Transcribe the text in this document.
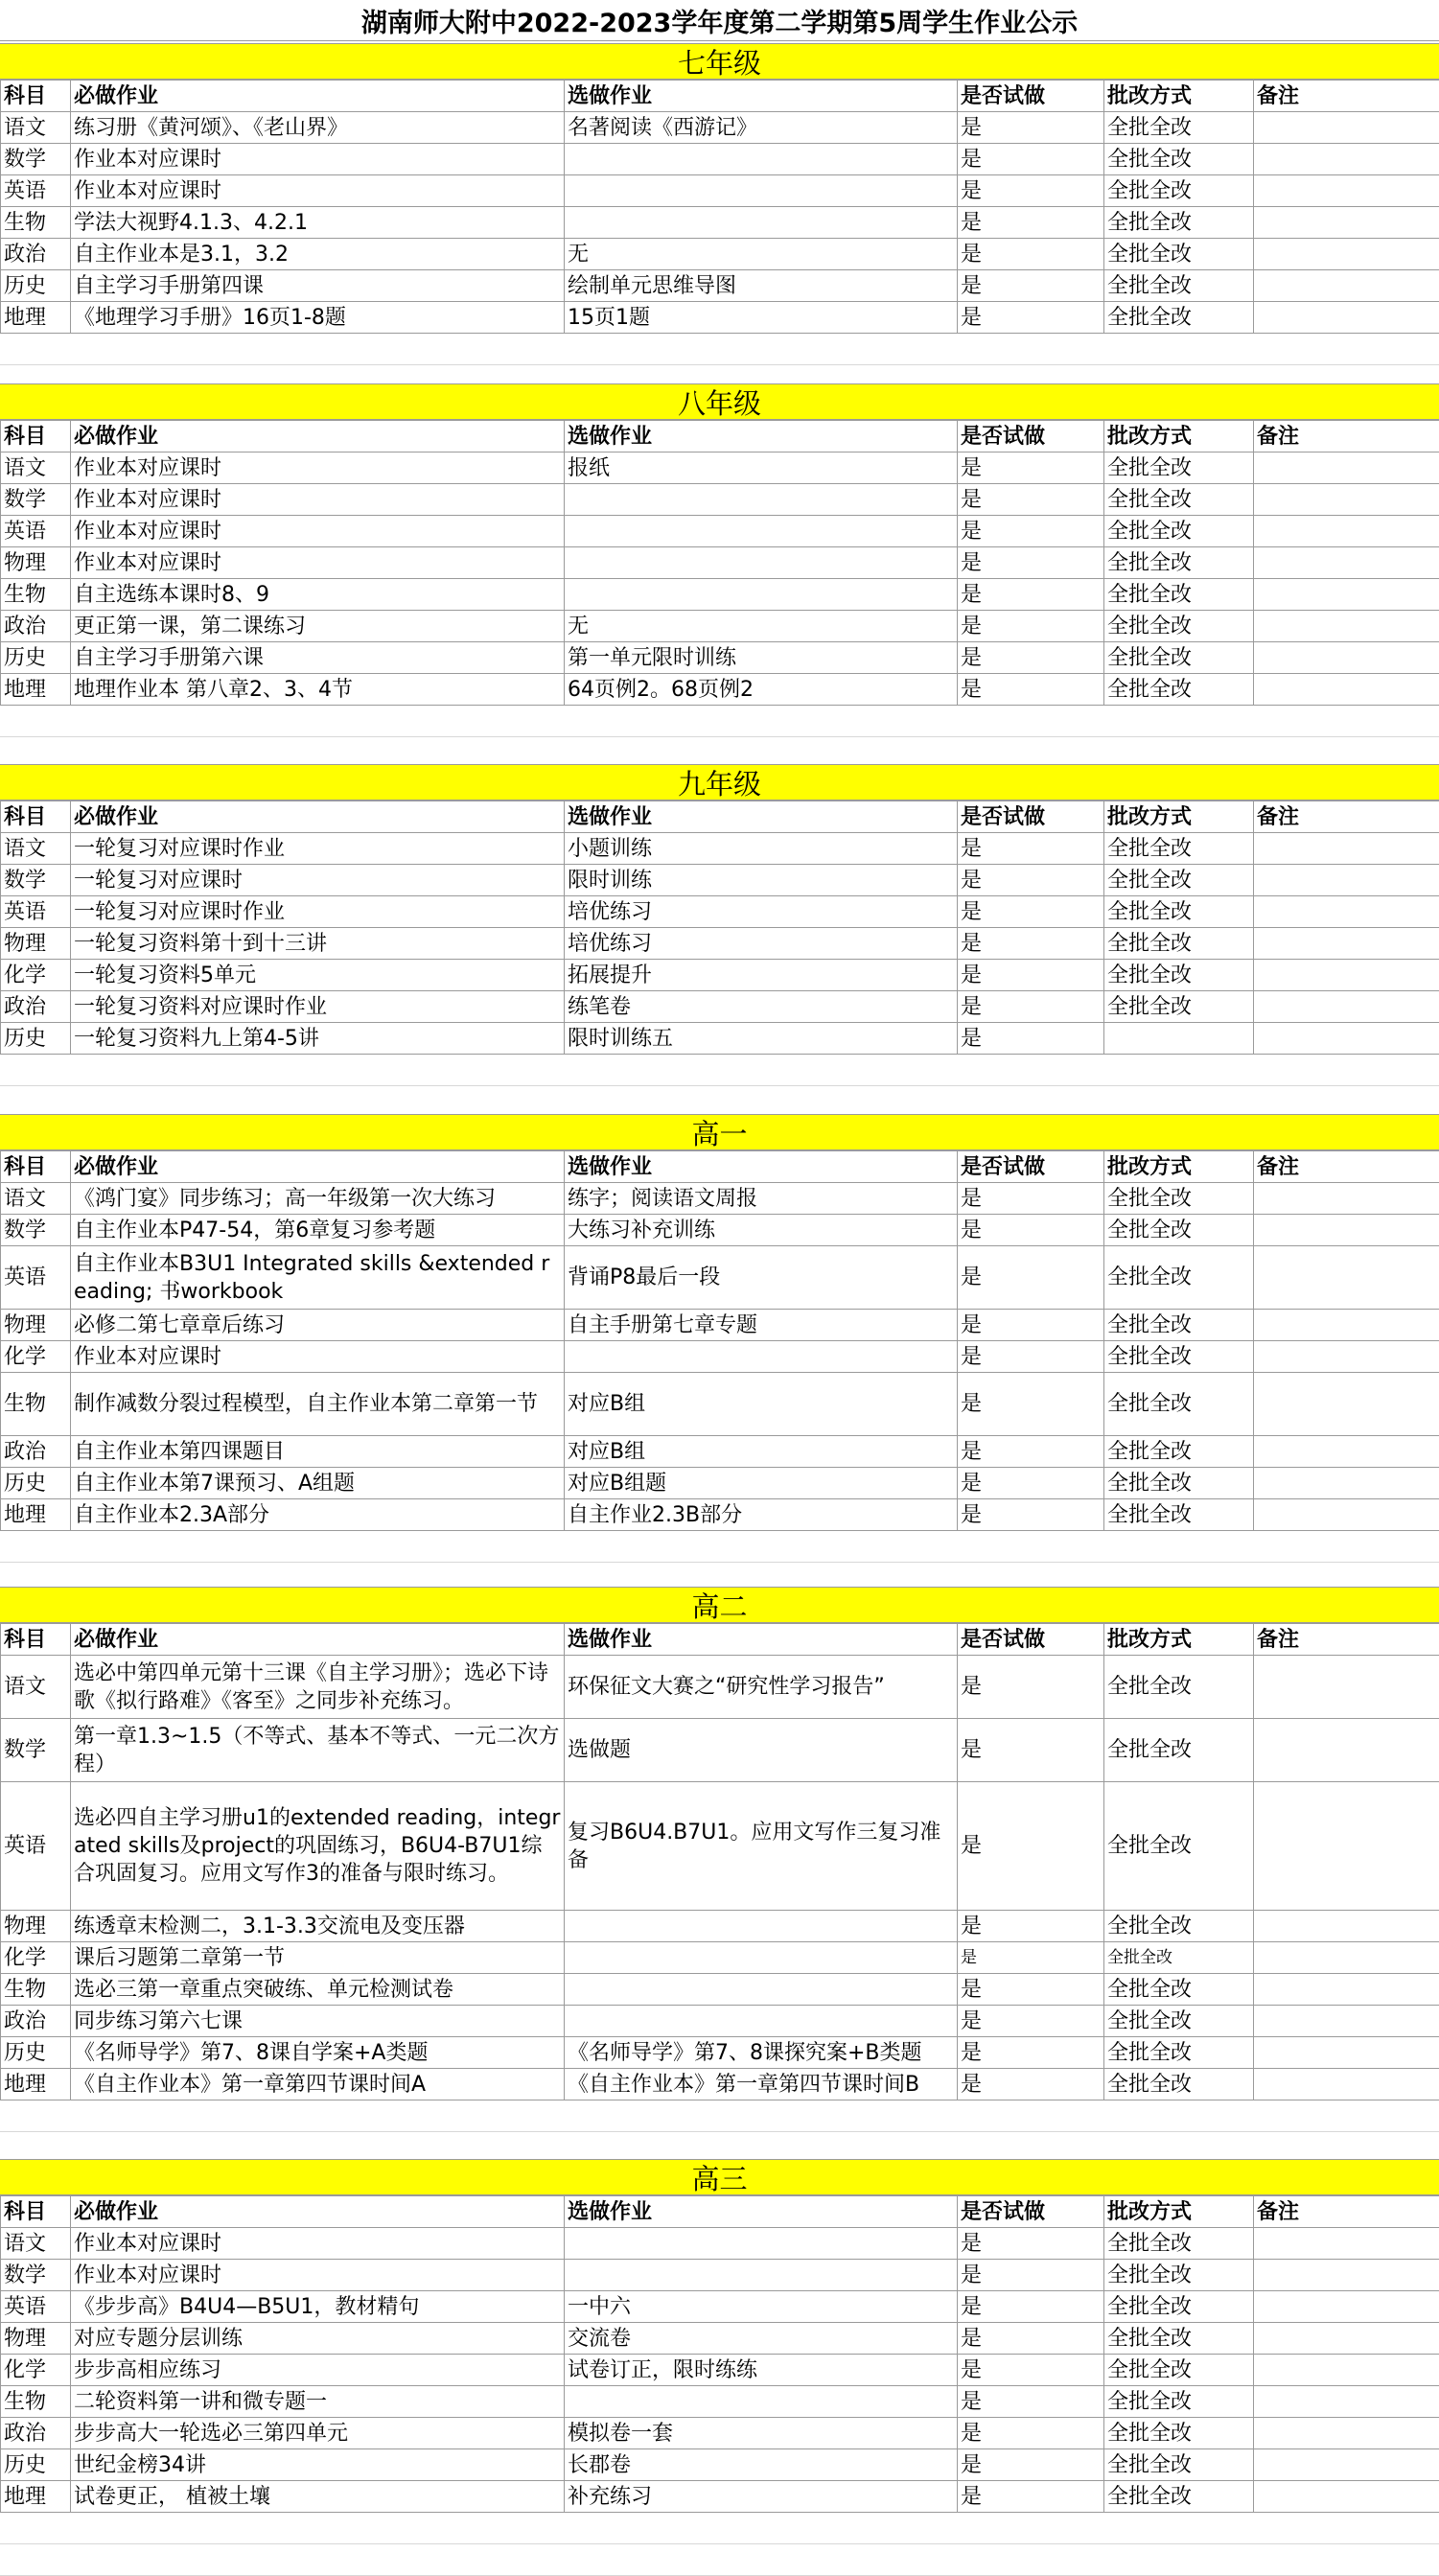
湖南师大附中2022-2023学年度第二学期第5周学生作业公示
七年级
科目	必做作业	选做作业	是否试做	批改方式	备注
语文	练习册《黄河颂》、《老山界》	名著阅读《西游记》	是	全批全改	
数学	作业本对应课时		是	全批全改	
英语	作业本对应课时		是	全批全改	
生物	学法大视野4.1.3、4.2.1		是	全批全改	
政治	自主作业本是3.1，3.2	无	是	全批全改	
历史	自主学习手册第四课	绘制单元思维导图	是	全批全改	
地理	《地理学习手册》16页1-8题	15页1题	是	全批全改	
八年级
科目	必做作业	选做作业	是否试做	批改方式	备注
语文	作业本对应课时	报纸	是	全批全改	
数学	作业本对应课时		是	全批全改	
英语	作业本对应课时		是	全批全改	
物理	作业本对应课时		是	全批全改	
生物	自主选练本课时8、9		是	全批全改	
政治	更正第一课，第二课练习	无	是	全批全改	
历史	自主学习手册第六课	第一单元限时训练	是	全批全改	
地理	地理作业本 第八章2、3、4节	64页例2。68页例2	是	全批全改	
九年级
科目	必做作业	选做作业	是否试做	批改方式	备注
语文	一轮复习对应课时作业	小题训练	是	全批全改	
数学	一轮复习对应课时	限时训练	是	全批全改	
英语	一轮复习对应课时作业	培优练习	是	全批全改	
物理	一轮复习资料第十到十三讲	培优练习	是	全批全改	
化学	一轮复习资料5单元	拓展提升	是	全批全改	
政治	一轮复习资料对应课时作业	练笔卷	是	全批全改	
历史	一轮复习资料九上第4-5讲	限时训练五	是		
高一
科目	必做作业	选做作业	是否试做	批改方式	备注
语文	《鸿门宴》同步练习；高一年级第一次大练习	练字；阅读语文周报	是	全批全改	
数学	自主作业本P47-54，第6章复习参考题	大练习补充训练	是	全批全改	
英语	自主作业本B3U1 Integrated skills &extended reading; 书workbook	背诵P8最后一段	是	全批全改	
物理	必修二第七章章后练习	自主手册第七章专题	是	全批全改	
化学	作业本对应课时		是	全批全改	
生物	制作减数分裂过程模型，自主作业本第二章第一节	对应B组	是	全批全改	
政治	自主作业本第四课题目	对应B组	是	全批全改	
历史	自主作业本第7课预习、A组题	对应B组题	是	全批全改	
地理	自主作业本2.3A部分	自主作业2.3B部分	是	全批全改	
高二
科目	必做作业	选做作业	是否试做	批改方式	备注
语文	选必中第四单元第十三课《自主学习册》；选必下诗歌《拟行路难》《客至》之同步补充练习。	环保征文大赛之“研究性学习报告”	是	全批全改	
数学	第一章1.3~1.5（不等式、基本不等式、一元二次方程）	选做题	是	全批全改	
英语	选必四自主学习册u1的extended reading，integrated skills及project的巩固练习，B6U4-B7U1综合巩固复习。应用文写作3的准备与限时练习。	复习B6U4.B7U1。应用文写作三复习准备	是	全批全改	
物理	练透章末检测二，3.1-3.3交流电及变压器		是	全批全改	
化学	课后习题第二章第一节		是	全批全改	
生物	选必三第一章重点突破练、单元检测试卷		是	全批全改	
政治	同步练习第六七课		是	全批全改	
历史	《名师导学》第7、8课自学案+A类题	《名师导学》第7、8课探究案+B类题	是	全批全改	
地理	《自主作业本》第一章第四节课时间A	《自主作业本》第一章第四节课时间B	是	全批全改	
高三
科目	必做作业	选做作业	是否试做	批改方式	备注
语文	作业本对应课时		是	全批全改	
数学	作业本对应课时		是	全批全改	
英语	《步步高》B4U4—B5U1，教材精句	一中六	是	全批全改	
物理	对应专题分层训练	交流卷	是	全批全改	
化学	步步高相应练习	试卷订正，限时练练	是	全批全改	
生物	二轮资料第一讲和微专题一		是	全批全改	
政治	步步高大一轮选必三第四单元	模拟卷一套	是	全批全改	
历史	世纪金榜34讲	长郡卷	是	全批全改	
地理	试卷更正， 植被土壤	补充练习	是	全批全改	
